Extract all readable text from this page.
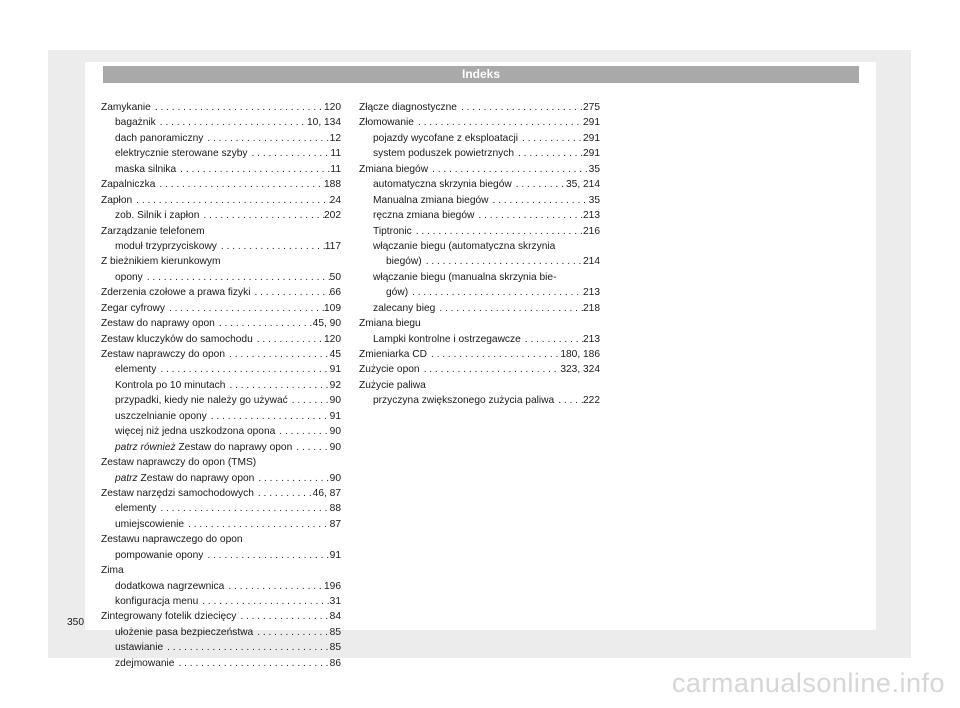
Indeks
Zamykanie . . .	120
bagażnik . . .	10, 134
dach panoramiczny . . .	12
elektrycznie sterowane szyby . . .	11
maska silnika . . .	11
Zapalniczka . . .	188
Zapłon . . .	24
zob. Silnik i zapłon . . .	202
Zarządzanie telefonem
moduł trzyprzyciskowy . . .	117
Z bieżnikiem kierunkowym
opony . . .	50
Zderzenia czołowe a prawa fizyki . . .	66
Zegar cyfrowy . . .	109
Zestaw do naprawy opon . . .	45, 90
Zestaw kluczyków do samochodu . . .	120
Zestaw naprawczy do opon . . .	45
elementy . . .	91
Kontrola po 10 minutach . . .	92
przypadki, kiedy nie należy go używać . . .	90
uszczelnianie opony . . .	91
więcej niż jedna uszkodzona opona . . .	90
patrz również Zestaw do naprawy opon . . .	90
Zestaw naprawczy do opon (TMS)
patrz Zestaw do naprawy opon . . .	90
Zestaw narzędzi samochodowych . . .	46, 87
elementy . . .	88
umiejscowienie . . .	87
Zestawu naprawczego do opon
pompowanie opony . . .	91
Zima
dodatkowa nagrzewnica . . .	196
konfiguracja menu . . .	31
Zintegrowany fotelik dziecięcy . . .	84
ułożenie pasa bezpieczeństwa . . .	85
ustawianie . . .	85
zdejmowanie . . .	86
Złącze diagnostyczne . . .	275
Złomowanie . . .	291
pojazdy wycofane z eksploatacji . . .	291
system poduszek powietrznych . . .	291
Zmiana biegów . . .	35
automatyczna skrzynia biegów . . .	35, 214
Manualna zmiana biegów . . .	35
ręczna zmiana biegów . . .	213
Tiptronic . . .	216
włączanie biegu (automatyczna skrzynia
biegów) . . .	214
włączanie biegu (manualna skrzynia bie-
gów) . . .	213
zalecany bieg . . .	218
Zmiana biegu
Lampki kontrolne i ostrzegawcze . . .	213
Zmieniarka CD . . .	180, 186
Zużycie opon . . .	323, 324
Zużycie paliwa
przyczyna zwiększonego zużycia paliwa . . .	222
350
carmanualsonline.info
